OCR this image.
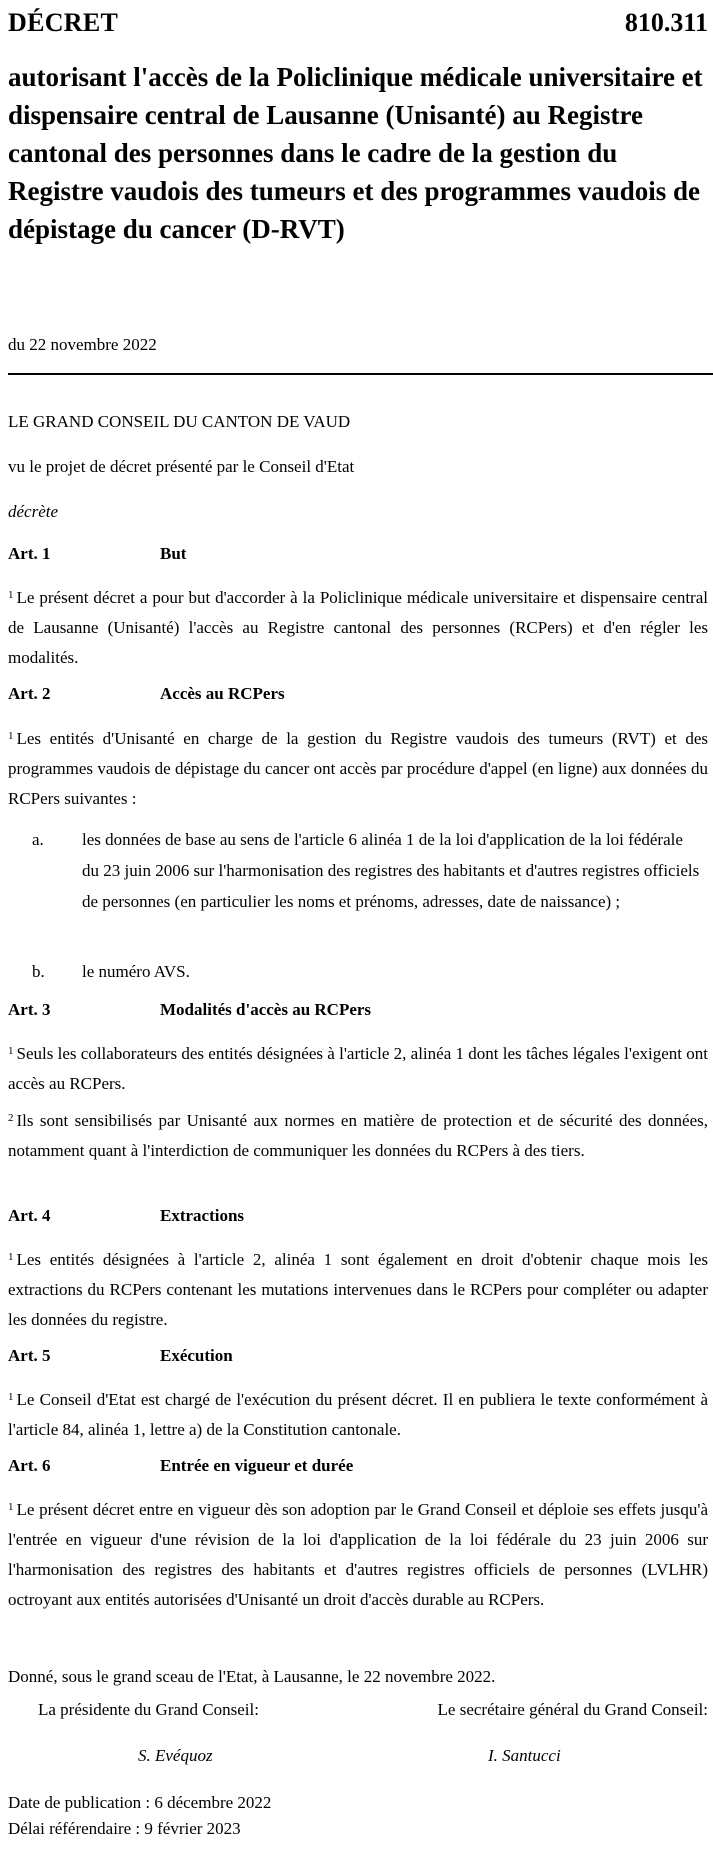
DÉCRET	810.311
autorisant l'accès de la Policlinique médicale universitaire et dispensaire central de Lausanne (Unisanté) au Registre cantonal des personnes dans le cadre de la gestion du Registre vaudois des tumeurs et des programmes vaudois de dépistage du cancer (D-RVT)
du 22 novembre 2022
LE GRAND CONSEIL DU CANTON DE VAUD
vu le projet de décret présenté par le Conseil d'Etat
décrète
Art. 1	But
$^1$ Le présent décret a pour but d'accorder à la Policlinique médicale universitaire et dispensaire central de Lausanne (Unisanté) l'accès au Registre cantonal des personnes (RCPers) et d'en régler les modalités.
Art. 2	Accès au RCPers
$^1$ Les entités d'Unisanté en charge de la gestion du Registre vaudois des tumeurs (RVT) et des programmes vaudois de dépistage du cancer ont accès par procédure d'appel (en ligne) aux données du RCPers suivantes :
a. les données de base au sens de l'article 6 alinéa 1 de la loi d'application de la loi fédérale du 23 juin 2006 sur l'harmonisation des registres des habitants et d'autres registres officiels de personnes (en particulier les noms et prénoms, adresses, date de naissance) ;
b. le numéro AVS.
Art. 3	Modalités d'accès au RCPers
$^1$ Seuls les collaborateurs des entités désignées à l'article 2, alinéa 1 dont les tâches légales l'exigent ont accès au RCPers.
$^2$ Ils sont sensibilisés par Unisanté aux normes en matière de protection et de sécurité des données, notamment quant à l'interdiction de communiquer les données du RCPers à des tiers.
Art. 4	Extractions
$^1$ Les entités désignées à l'article 2, alinéa 1 sont également en droit d'obtenir chaque mois les extractions du RCPers contenant les mutations intervenues dans le RCPers pour compléter ou adapter les données du registre.
Art. 5	Exécution
$^1$ Le Conseil d'Etat est chargé de l'exécution du présent décret. Il en publiera le texte conformément à l'article 84, alinéa 1, lettre a) de la Constitution cantonale.
Art. 6	Entrée en vigueur et durée
$^1$ Le présent décret entre en vigueur dès son adoption par le Grand Conseil et déploie ses effets jusqu'à l'entrée en vigueur d'une révision de la loi d'application de la loi fédérale du 23 juin 2006 sur l'harmonisation des registres des habitants et d'autres registres officiels de personnes (LVLHR) octroyant aux entités autorisées d'Unisanté un droit d'accès durable au RCPers.
Donné, sous le grand sceau de l'Etat, à Lausanne, le 22 novembre 2022.
La présidente du Grand Conseil:	Le secrétaire général du Grand Conseil:
S. Evéquoz	I. Santucci
Date de publication : 6 décembre 2022
Délai référendaire : 9 février 2023
